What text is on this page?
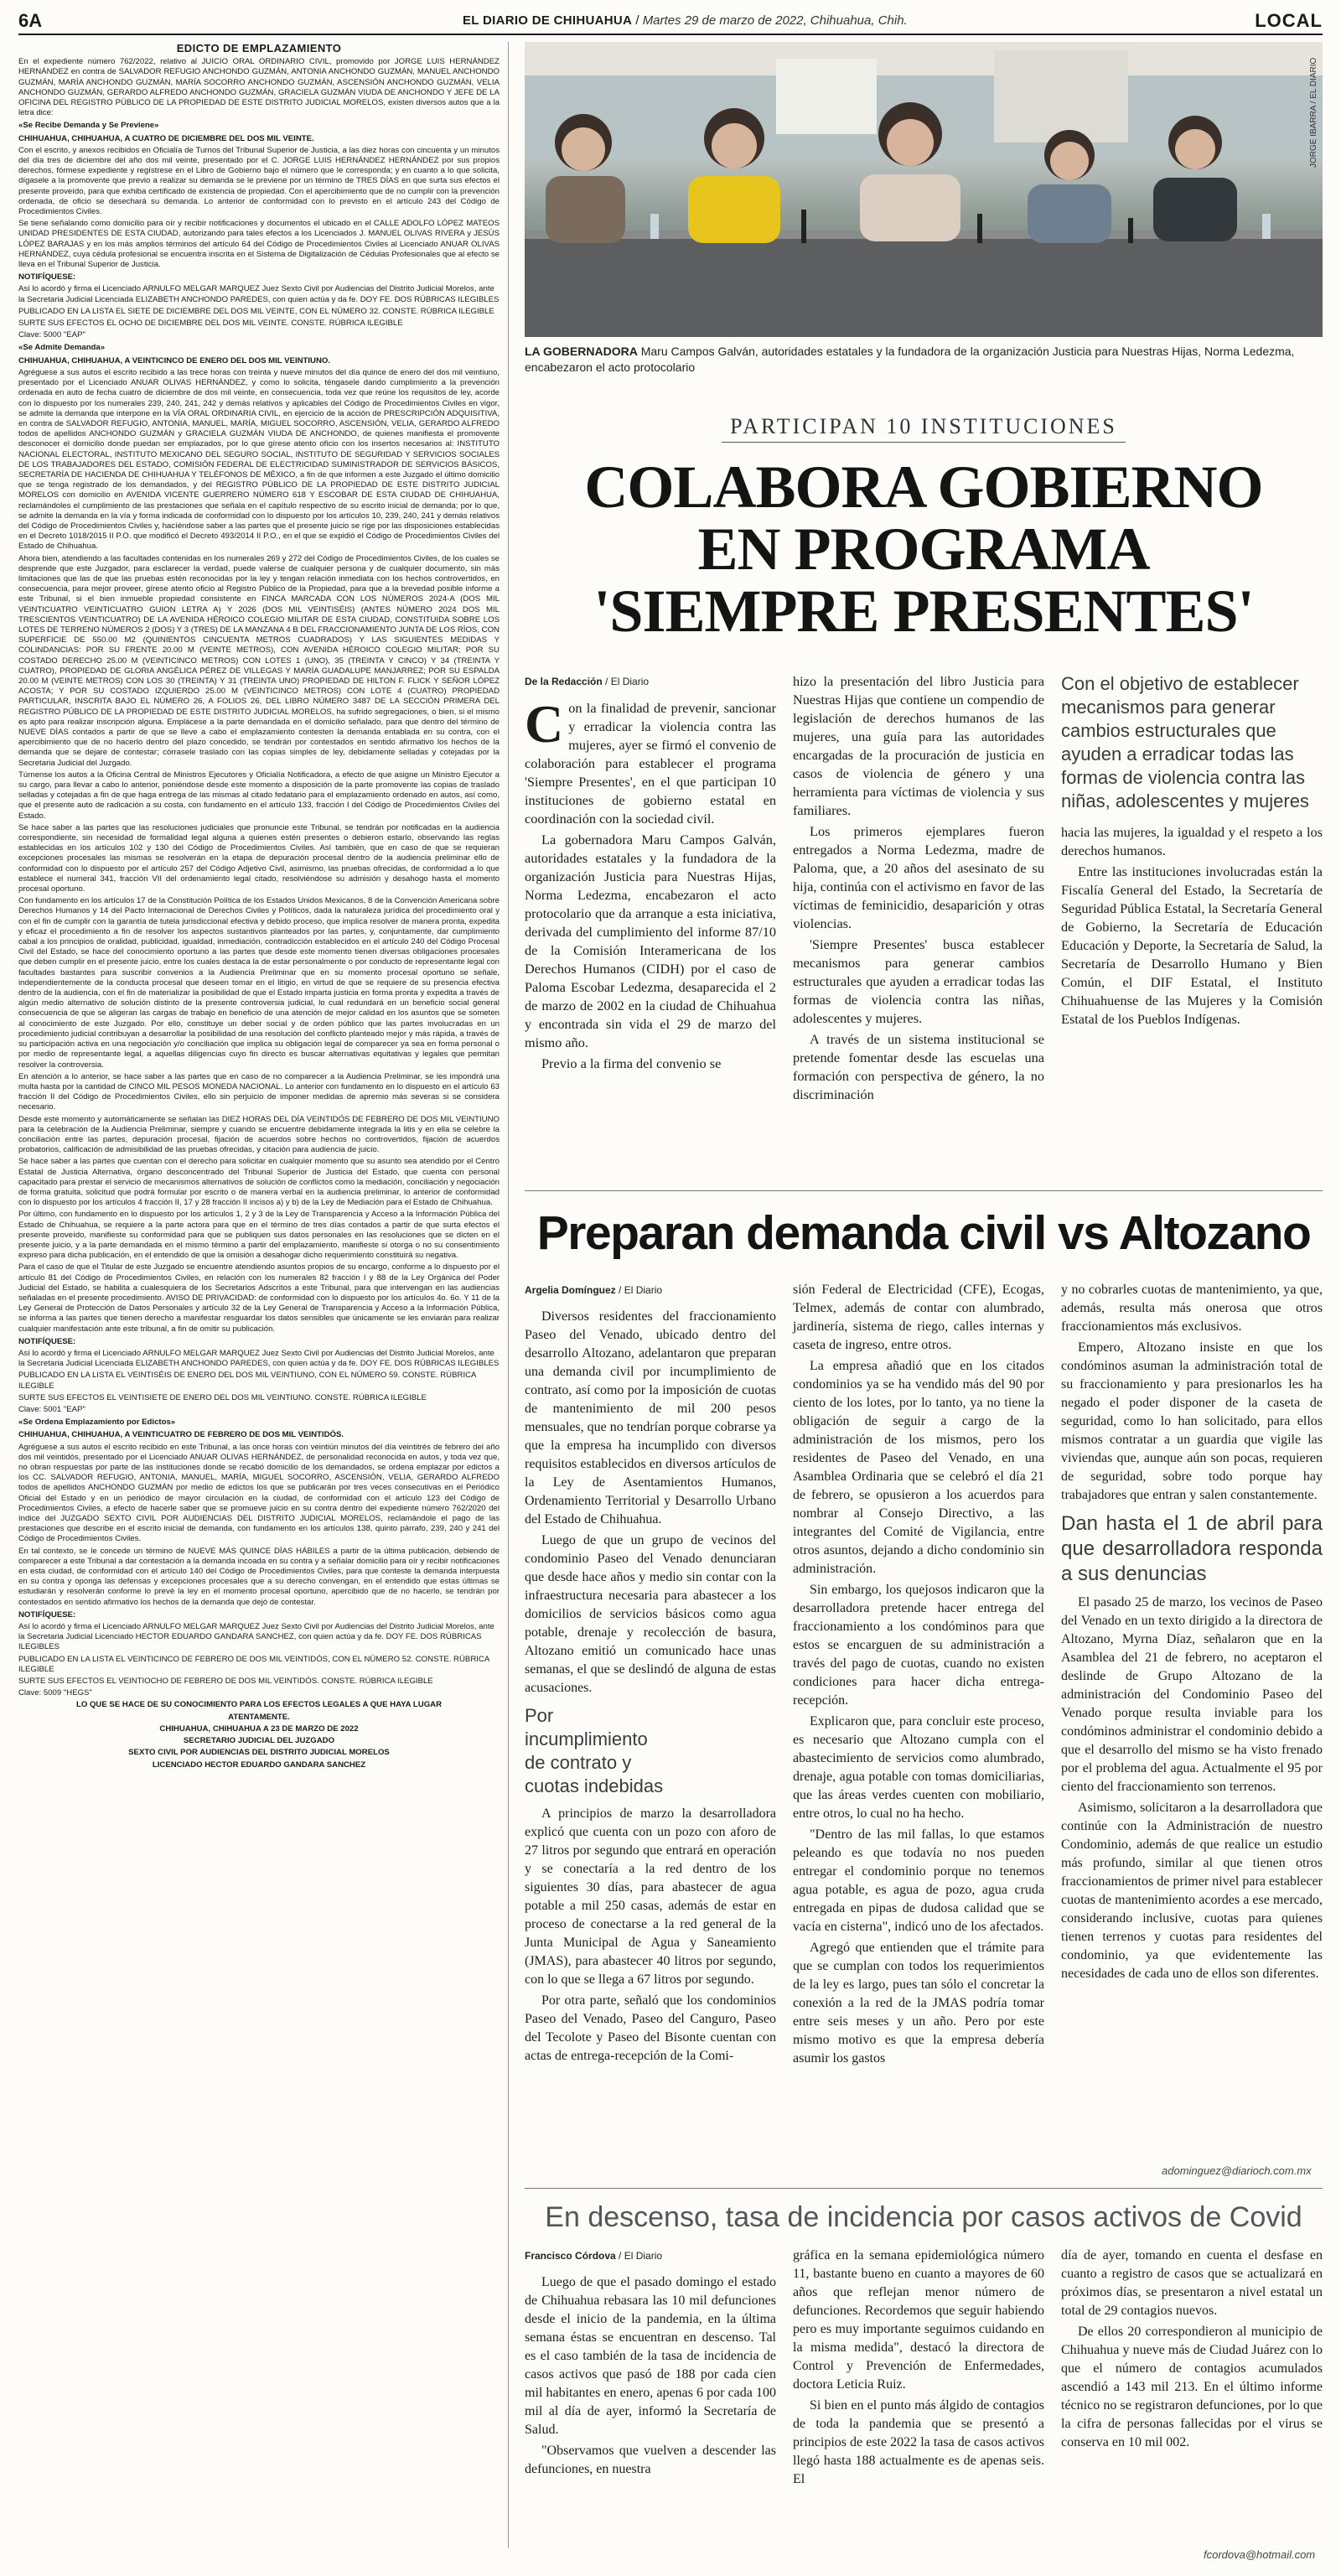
6A	EL DIARIO DE CHIHUAHUA / Martes 29 de marzo de 2022, Chihuahua, Chih.	LOCAL
EDICTO DE EMPLAZAMIENTO

En el expediente número 762/2022, relativo al JUICIO ORAL ORDINARIO CIVIL, promovido por JORGE LUIS HERNÁNDEZ HERNÁNDEZ en contra de SALVADOR REFUGIO ANCHONDO GUZMÁN, ANTONIA ANCHONDO GUZMÁN, MANUEL ANCHONDO GUZMÁN, MARÍA ANCHONDO GUZMÁN, MARÍA SOCORRO ANCHONDO GUZMÁN, ASCENSIÓN ANCHONDO GUZMÁN, VELIA ANCHONDO GUZMÁN, GERARDO ALFREDO ANCHONDO GUZMÁN, GRACIELA GUZMÁN VIUDA DE ANCHONDO Y JEFE DE LA OFICINA DEL REGISTRO PÚBLICO DE LA PROPIEDAD DE ESTE DISTRITO JUDICIAL MORELOS, existen diversos autos que a la letra dice:

«Se Recibe Demanda y Se Previene»

CHIHUAHUA, CHIHUAHUA, A CUATRO DE DICIEMBRE DEL DOS MIL VEINTE.

Con el escrito, y anexos recibidos en Oficialía de Turnos del Tribunal Superior de Justicia, a las diez horas con cincuenta y un minutos del día tres de diciembre del año dos mil veinte, presentado por el C. JORGE LUIS HERNÁNDEZ HERNÁNDEZ por sus propios derechos, fórmese expediente y regístrese en el Libro de Gobierno bajo el número que le corresponda; y en cuanto a lo que solicita, dígasele a la promovente que previo a realizar su demanda se le previene por un término de TRES DÍAS en que surta sus efectos el presente proveído, para que exhiba certificado de existencia de propiedad. Con el apercibimiento que de no cumplir con la prevención ordenada, de oficio se desechará su demanda. Lo anterior de conformidad con lo previsto en el artículo 243 del Código de Procedimientos Civiles.

Se tiene señalando como domicilio para oír y recibir notificaciones y documentos el ubicado en el CALLE ADOLFO LÓPEZ MATEOS UNIDAD PRESIDENTES DE ESTA CIUDAD, autorizando para tales efectos a los Licenciados J. MANUEL OLIVAS RIVERA y JESÚS LÓPEZ BARAJAS y en los más amplios términos del artículo 64 del Código de Procedimientos Civiles al Licenciado ANUAR OLIVAS HERNÁNDEZ, cuya cédula profesional se encuentra inscrita en el Sistema de Digitalización de Cédulas Profesionales que al efecto se lleva en el Tribunal Superior de Justicia.

NOTIFÍQUESE:

Así lo acordó y firma el Licenciado ARNULFO MELGAR MARQUEZ Juez Sexto Civil por Audiencias del Distrito Judicial Morelos, ante la Secretaria Judicial Licenciada ELIZABETH ANCHONDO PAREDES, con quien actúa y da fe. DOY FE. DOS RÚBRICAS ILEGIBLES

PUBLICADO EN LA LISTA EL SIETE DE DICIEMBRE DEL DOS MIL VEINTE, CON EL NÚMERO 32. CONSTE. RÚBRICA ILEGIBLE

SURTE SUS EFECTOS EL OCHO DE DICIEMBRE DEL DOS MIL VEINTE. CONSTE. RÚBRICA ILEGIBLE

Clave: 5000 "EAP"

«Se Admite Demanda»

CHIHUAHUA, CHIHUAHUA, A VEINTICINCO DE ENERO DEL DOS MIL VEINTIUNO.

Agréguese a sus autos el escrito recibido a las trece horas con treinta y nueve minutos del día quince de enero del dos mil veintiuno, presentado por el Licenciado ANUAR OLIVAS HERNÁNDEZ, y como lo solicita, téngasele dando cumplimiento a la prevención ordenada en auto de fecha cuatro de diciembre de dos mil veinte, en consecuencia, toda vez que reúne los requisitos de ley, acorde con lo dispuesto por los numerales 239, 240, 241, 242 y demás relativos y aplicables del Código de Procedimientos Civiles en vigor, se admite la demanda que interpone en la VÍA ORAL ORDINARIA CIVIL, en ejercicio de la acción de PRESCRIPCIÓN ADQUISITIVA, en contra de SALVADOR REFUGIO, ANTONIA, MANUEL, MARÍA, MIGUEL SOCORRO, ASCENSIÓN, VELIA, GERARDO ALFREDO todos de apellidos ANCHONDO GUZMÁN y GRACIELA GUZMÁN VIUDA DE ANCHONDO, de quienes manifiesta el promovente desconocer el domicilio donde puedan ser emplazados, por lo que gírese atento oficio con los insertos necesarios al: INSTITUTO NACIONAL ELECTORAL, INSTITUTO MEXICANO DEL SEGURO SOCIAL, INSTITUTO DE SEGURIDAD Y SERVICIOS SOCIALES DE LOS TRABAJADORES DEL ESTADO, COMISIÓN FEDERAL DE ELECTRICIDAD SUMINISTRADOR DE SERVICIOS BÁSICOS, SECRETARÍA DE HACIENDA DE CHIHUAHUA Y TELÉFONOS DE MÉXICO, a fin de que informen a este Juzgado el último domicilio que se tenga registrado de los demandados, y del REGISTRO PÚBLICO DE LA PROPIEDAD DE ESTE DISTRITO JUDICIAL MORELOS con domicilio en AVENIDA VICENTE GUERRERO NÚMERO 618 Y ESCOBAR DE ESTA CIUDAD DE CHIHUAHUA, reclamándoles el cumplimiento de las prestaciones que señala en el capítulo respectivo de su escrito inicial de demanda; por lo que, se admite la demanda en la vía y forma indicada de conformidad con lo dispuesto por los artículos 10, 239, 240, 241 y demás relativos del Código de Procedimientos Civiles y, hacíéndose saber a las partes que el presente juicio se rige por las disposiciones establecidas en el Decreto 1018/2015 II P.O. que modificó el Decreto 493/2014 II P.O., en el que se expidió el Código de Procedimientos Civiles del Estado de Chihuahua.

Ahora bien, atendiendo a las facultades contenidas en los numerales 269 y 272 del Código de Procedimientos Civiles, de los cuales se desprende que este Juzgador, para esclarecer la verdad, puede valerse de cualquier persona y de cualquier documento, sin más limitaciones que las de que las pruebas estén reconocidas por la ley y tengan relación inmediata con los hechos controvertidos, en consecuencia, para mejor proveer, gírese atento oficio al Registro Público de la Propiedad, para que a la brevedad posible informe a este Tribunal, si el bien inmueble propiedad consistente en FINCA MARCADA CON LOS NÚMEROS 2024-A (DOS MIL VEINTICUATRO VEINTICUATRO GUION LETRA A) Y 2026 (DOS MIL VEINTISÉIS) (ANTES NÚMERO 2024 DOS MIL TRESCIENTOS VEINTICUATRO) DE LA AVENIDA HÉROICO COLEGIO MILITAR DE ESTA CIUDAD, CONSTITUIDA SOBRE LOS LOTES DE TERRENO NÚMEROS 2 (DOS) Y 3 (TRES) DE LA MANZANA 4 B DEL FRACCIONAMIENTO JUNTA DE LOS RÍOS, CON SUPERFICIE DE 550.00 M2 (QUINIENTOS CINCUENTA METROS CUADRADOS) Y LAS SIGUIENTES MEDIDAS Y COLINDANCIAS: POR SU FRENTE 20.00 M (VEINTE METROS), CON AVENIDA HÉROICO COLEGIO MILITAR; POR SU COSTADO DERECHO 25.00 M (VEINTICINCO METROS) CON LOTES 1 (UNO), 35 (TREINTA Y CINCO) Y 34 (TREINTA Y CUATRO), PROPIEDAD DE GLORIA ANGÉLICA PÉREZ DE VILLEGAS Y MARÍA GUADALUPE MANJARREZ; POR SU ESPALDA 20.00 M (VEINTE METROS) CON LOS 30 (TREINTA) Y 31 (TREINTA UNO) PROPIEDAD DE HILTON F. FLICK Y SEÑOR LÓPEZ ACOSTA; Y POR SU COSTADO IZQUIERDO 25.00 M (VEINTICINCO METROS) CON LOTE 4 (CUATRO) PROPIEDAD PARTICULAR, INSCRITA BAJO EL NÚMERO 26, A FOLIOS 26, DEL LIBRO NÚMERO 3487 DE LA SECCIÓN PRIMERA DEL REGISTRO PÚBLICO DE LA PROPIEDAD DE ESTE DISTRITO JUDICIAL MORELOS, ha sufrido segregaciones, o bien, si el mismo es apto para realizar inscripción alguna. Emplácese a la parte demandada en el domicilio señalado, para que dentro del término de NUEVE DÍAS contados a partir de que se lleve a cabo el emplazamiento contesten la demanda entablada en su contra, con el apercibimiento que de no hacerlo dentro del plazo concedido, se tendrán por contestados en sentido afirmativo los hechos de la demanda que se dejare de contestar; córrasele traslado con las copias simples de ley, debidamente selladas y cotejadas por la Secretaria Judicial del Juzgado.

Túrnense los autos a la Oficina Central de Ministros Ejecutores y Oficialía Notificadora, a efecto de que asigne un Ministro Ejecutor a su cargo, para llevar a cabo lo anterior, poniéndose desde este momento a disposición de la parte promovente las copias de traslado selladas y cotejadas a fin de que haga entrega de las mismas al citado fedatario para el emplazamiento ordenado en autos, así como, que el presente auto de radicación a su costa, con fundamento en el artículo 133, fracción I del Código de Procedimientos Civiles del Estado.

Se hace saber a las partes que las resoluciones judiciales que pronuncie este Tribunal, se tendrán por notificadas en la audiencia correspondiente, sin necesidad de formalidad legal alguna a quienes estén presentes o debieron estarlo, observando las reglas establecidas en los artículos 102 y 130 del Código de Procedimientos Civiles. Así también, que en caso de que se requieran excepciones procesales las mismas se resolverán en la etapa de depuración procesal dentro de la audiencia preliminar ello de conformidad con lo dispuesto por el artículo 257 del Código Adjetivo Civil, asimismo, las pruebas ofrecidas, de conformidad a lo que establece el numeral 341, fracción VII del ordenamiento legal citado, resolviéndose su admisión y desahogo hasta el momento procesal oportuno.

Con fundamento en los artículos 17 de la Constitución Política de los Estados Unidos Mexicanos, 8 de la Convención Americana sobre Derechos Humanos y 14 del Pacto Internacional de Derechos Civiles y Políticos, dada la naturaleza jurídica del procedimiento oral y con el fin de cumplir con la garantía de tutela jurisdiccional efectiva y debido proceso, que implica resolver de manera pronta, expedita y eficaz el procedimiento a fin de resolver los aspectos sustantivos planteados por las partes, y, conjuntamente, dar cumplimiento cabal a los principios de oralidad, publicidad, igualdad, inmediación, contradicción establecidos en el artículo 240 del Código Procesal Civil del Estado, se hace del conocimiento oportuno a las partes que desde este momento tienen diversas obligaciones procesales que deben cumplir en el presente juicio, entre los cuales destaca la de estar personalmente o por conducto de representante legal con facultades bastantes para suscribir convenios a la Audiencia Preliminar que en su momento procesal oportuno se señale, independientemente de la conducta procesal que deseen tomar en el litigio, en virtud de que se requiere de su presencia efectiva dentro de la audiencia, con el fin de materializar la posibilidad de que el Estado imparta justicia en forma pronta y expedita a través de algún medio alternativo de solución distinto de la presente controversia judicial, lo cual redundará en un beneficio social general consecuencia de que se aligeran las cargas de trabajo en beneficio de una atención de mejor calidad en los asuntos que se someten al conocimiento de este Juzgado. Por ello, constituye un deber social y de orden público que las partes involucradas en un procedimiento judicial contribuyan a desarrollar la posibilidad de una resolución del conflicto planteado mejor y más rápida, a través de su participación activa en una negociación y/o conciliación que implica su obligación legal de comparecer ya sea en forma personal o por medio de representante legal, a aquellas diligencias cuyo fin directo es buscar alternativas equitativas y legales que permitan resolver la controversia.

En atención a lo anterior, se hace saber a las partes que en caso de no comparecer a la Audiencia Preliminar, se les impondrá una multa hasta por la cantidad de CINCO MIL PESOS MONEDA NACIONAL. Lo anterior con fundamento en lo dispuesto en el artículo 63 fracción II del Código de Procedimientos Civiles, ello sin perjuicio de imponer medidas de apremio más severas si se considera necesario.

Desde este momento y automáticamente se señalan las DIEZ HORAS DEL DÍA VEINTIDÓS DE FEBRERO DE DOS MIL VEINTIUNO para la celebración de la Audiencia Preliminar, siempre y cuando se encuentre debidamente integrada la litis y en ella se celebre la conciliación entre las partes, depuración procesal, fijación de acuerdos sobre hechos no controvertidos, fijación de acuerdos probatorios, calificación de admisibilidad de las pruebas ofrecidas, y citación para audiencia de juicio.

Se hace saber a las partes que cuentan con el derecho para solicitar en cualquier momento que su asunto sea atendido por el Centro Estatal de Justicia Alternativa, órgano desconcentrado del Tribunal Superior de Justicia del Estado, que cuenta con personal capacitado para prestar el servicio de mecanismos alternativos de solución de conflictos como la mediación, conciliación y negociación de forma gratuita, solicitud que podrá formular por escrito o de manera verbal en la audiencia preliminar, lo anterior de conformidad con lo dispuesto por los artículos 4 fracción II, 17 y 28 fracción II incisos a) y b) de la Ley de Mediación para el Estado de Chihuahua.

Por último, con fundamento en lo dispuesto por los artículos 1, 2 y 3 de la Ley de Transparencia y Acceso a la Información Pública del Estado de Chihuahua, se requiere a la parte actora para que en el término de tres días contados a partir de que surta efectos el presente proveído, manifieste su conformidad para que se publiquen sus datos personales en las resoluciones que se dicten en el presente juicio, y a la parte demandada en el mismo término a partir del emplazamiento, manifieste si otorga o no su consentimiento expreso para dicha publicación, en el entendido de que la omisión a desahogar dicho requerimiento constituirá su negativa.

Para el caso de que el Titular de este Juzgado se encuentre atendiendo asuntos propios de su encargo, conforme a lo dispuesto por el artículo 81 del Código de Procedimientos Civiles, en relación con los numerales 82 fracción I y 88 de la Ley Orgánica del Poder Judicial del Estado, se habilita a cualesquiera de los Secretarios Adscritos a este Tribunal, para que intervengan en las audiencias señaladas en el presente procedimiento. AVISO DE PRIVACIDAD: de conformidad con lo dispuesto por los artículos 4o. 6o. Y 11 de la Ley General de Protección de Datos Personales y artículo 32 de la Ley General de Transparencia y Acceso a la Información Pública, se informa a las partes que tienen derecho a manifestar resguardar los datos sensibles que únicamente se les enviarán para realizar cualquier manifestación ante este tribunal, a fin de omitir su publicación.

NOTIFÍQUESE:

Así lo acordó y firma el Licenciado ARNULFO MELGAR MARQUEZ Juez Sexto Civil por Audiencias del Distrito Judicial Morelos, ante la Secretaria Judicial Licenciada ELIZABETH ANCHONDO PAREDES, con quien actúa y da fe. DOY FE. DOS RÚBRICAS ILEGIBLES

PUBLICADO EN LA LISTA EL VEINTISÉIS DE ENERO DEL DOS MIL VEINTIUNO, CON EL NÚMERO 59. CONSTE. RÚBRICA ILEGIBLE

SURTE SUS EFECTOS EL VEINTISIETE DE ENERO DEL DOS MIL VEINTIUNO. CONSTE. RÚBRICA ILEGIBLE

Clave: 5001 "EAP"

«Se Ordena Emplazamiento por Edictos»

CHIHUAHUA, CHIHUAHUA, A VEINTICUATRO DE FEBRERO DE DOS MIL VEINTIDÓS.

Agréguese a sus autos el escrito recibido en este Tribunal, a las once horas con veintiún minutos del día veintitrés de febrero del año dos mil veintidós, presentado por el Licenciado ANUAR OLIVAS HERNÁNDEZ, de personalidad reconocida en autos, y toda vez que, no obran respuestas por parte de las instituciones donde se recabó domicilio de los demandados, se ordena emplazar por edictos a los CC. SALVADOR REFUGIO, ANTONIA, MANUEL, MARÍA, MIGUEL SOCORRO, ASCENSIÓN, VELIA, GERARDO ALFREDO todos de apellidos ANCHONDO GUZMÁN por medio de edictos los que se publicarán por tres veces consecutivas en el Periódico Oficial del Estado y en un periódico de mayor circulación en la ciudad, de conformidad con el artículo 123 del Código de Procedimientos Civiles, a efecto de hacerle saber que se promueve juicio en su contra dentro del expediente número 762/2020 del índice del JUZGADO SEXTO CIVIL POR AUDIENCIAS DEL DISTRITO JUDICIAL MORELOS, reclamándole el pago de las prestaciones que describe en el escrito inicial de demanda, con fundamento en los artículos 138, quinto párrafo, 239, 240 y 241 del Código de Procedimientos Civiles.

En tal contexto, se le concede un término de NUEVE MÁS QUINCE DÍAS HÁBILES a partir de la última publicación, debiendo de comparecer a este Tribunal a dar contestación a la demanda incoada en su contra y a señalar domicilio para oír y recibir notificaciones en esta ciudad, de conformidad con el artículo 140 del Código de Procedimientos Civiles, para que conteste la demanda interpuesta en su contra y oponga las defensas y excepciones procesales que a su derecho convengan, en el entendido que estas últimas se estudiarán y resolverán conforme lo prevé la ley en el momento procesal oportuno, apercibido que de no hacerlo, se tendrán por contestados en sentido afirmativo los hechos de la demanda que dejó de contestar.

NOTIFÍQUESE:

Así lo acordó y firma el Licenciado ARNULFO MELGAR MARQUEZ Juez Sexto Civil por Audiencias del Distrito Judicial Morelos, ante la Secretaria Judicial Licenciado HECTOR EDUARDO GANDARA SANCHEZ, con quien actúa y da fe. DOY FE. DOS RÚBRICAS ILEGIBLES

PUBLICADO EN LA LISTA EL VEINTICINCO DE FEBRERO DE DOS MIL VEINTIDÓS, CON EL NÚMERO 52. CONSTE. RÚBRICA ILEGIBLE

SURTE SUS EFECTOS EL VEINTIOCHO DE FEBRERO DE DOS MIL VEINTIDÓS. CONSTE. RÚBRICA ILEGIBLE

Clave: 5009 "HEGS"

LO QUE SE HACE DE SU CONOCIMIENTO PARA LOS EFECTOS LEGALES A QUE HAYA LUGAR

ATENTAMENTE.

CHIHUAHUA, CHIHUAHUA A 23 DE MARZO DE 2022

SECRETARIO JUDICIAL DEL JUZGADO

SEXTO CIVIL POR AUDIENCIAS DEL DISTRITO JUDICIAL MORELOS

LICENCIADO HECTOR EDUARDO GANDARA SANCHEZ

JORGE IBARRA / EL DIARIO
LA GOBERNADORA Maru Campos Galván, autoridades estatales y la fundadora de la organización Justicia para Nuestras Hijas, Norma Ledezma, encabezaron el acto protocolario
PARTICIPAN 10 INSTITUCIONES
COLABORA GOBIERNO
EN PROGRAMA
'SIEMPRE PRESENTES'
De la Redacción / El Diario

Con la finalidad de prevenir, sancionar y erradicar la violencia contra las mujeres, ayer se firmó el convenio de colaboración para establecer el programa 'Siempre Presentes', en el que participan 10 instituciones de gobierno estatal en coordinación con la sociedad civil.

La gobernadora Maru Campos Galván, autoridades estatales y la fundadora de la organización Justicia para Nuestras Hijas, Norma Ledezma, encabezaron el acto protocolario que da arranque a esta iniciativa, derivada del cumplimiento del informe 87/10 de la Comisión Interamericana de los Derechos Humanos (CIDH) por el caso de Paloma Escobar Ledezma, desaparecida el 2 de marzo de 2002 en la ciudad de Chihuahua y encontrada sin vida el 29 de marzo del mismo año.

Previo a la firma del convenio se

hizo la presentación del libro Justicia para Nuestras Hijas que contiene un compendio de legislación de derechos humanos de las mujeres, una guía para las autoridades encargadas de la procuración de justicia en casos de violencia de género y una herramienta para víctimas de violencia y sus familiares.

Los primeros ejemplares fueron entregados a Norma Ledezma, madre de Paloma, que, a 20 años del asesinato de su hija, continúa con el activismo en favor de las víctimas de feminicidio, desaparición y otras violencias.

'Siempre Presentes' busca establecer mecanismos para generar cambios estructurales que ayuden a erradicar todas las formas de violencia contra las niñas, adolescentes y mujeres.

A través de un sistema institucional se pretende fomentar desde las escuelas una formación con perspectiva de género, la no discriminación

Con el objetivo de establecer mecanismos para generar cambios estructurales que ayuden a erradicar todas las formas de violencia contra las niñas, adolescentes y mujeres

hacia las mujeres, la igualdad y el respeto a los derechos humanos.

Entre las instituciones involucradas están la Fiscalía General del Estado, la Secretaría de Seguridad Pública Estatal, la Secretaría General de Gobierno, la Secretaría de Educación Educación y Deporte, la Secretaría de Salud, la Secretaría de Desarrollo Humano y Bien Común, el DIF Estatal, el Instituto Chihuahuense de las Mujeres y la Comisión Estatal de los Pueblos Indígenas.

Preparan demanda civil vs Altozano
Argelia Domínguez / El Diario

Diversos residentes del fraccionamiento Paseo del Venado, ubicado dentro del desarrollo Altozano, adelantaron que preparan una demanda civil por incumplimiento de contrato, así como por la imposición de cuotas de mantenimiento de mil 200 pesos mensuales, que no tendrían porque cobrarse ya que la empresa ha incumplido con diversos requisitos establecidos en diversos artículos de la Ley de Asentamientos Humanos, Ordenamiento Territorial y Desarrollo Urbano del Estado de Chihuahua.

Luego de que un grupo de vecinos del condominio Paseo del Venado denunciaran que desde hace años y medio sin contar con la infraestructura necesaria para abastecer a los domicilios de servicios básicos como agua potable, drenaje y recolección de basura, Altozano emitió un comunicado hace unas semanas, el que se deslindó de alguna de estas acusaciones.

Por incumplimiento de contrato y cuotas indebidas

A principios de marzo la desarrolladora explicó que cuenta con un pozo con aforo de 27 litros por segundo que entrará en operación y se conectaría a la red dentro de los siguientes 30 días, para abastecer de agua potable a mil 250 casas, además de estar en proceso de conectarse a la red general de la Junta Municipal de Agua y Saneamiento (JMAS), para abastecer 40 litros por segundo, con lo que se llega a 67 litros por segundo.

Por otra parte, señaló que los condominios Paseo del Venado, Paseo del Canguro, Paseo del Tecolote y Paseo del Bisonte cuentan con actas de entrega-recepción de la Comi-

sión Federal de Electricidad (CFE), Ecogas, Telmex, además de contar con alumbrado, jardinería, sistema de riego, calles internas y caseta de ingreso, entre otros.

La empresa añadió que en los citados condominios ya se ha vendido más del 90 por ciento de los lotes, por lo tanto, ya no tiene la obligación de seguir a cargo de la administración de los mismos, pero los residentes de Paseo del Venado, en una Asamblea Ordinaria que se celebró el día 21 de febrero, se opusieron a los acuerdos para nombrar al Consejo Directivo, a las integrantes del Comité de Vigilancia, entre otros asuntos, dejando a dicho condominio sin administración.

Sin embargo, los quejosos indicaron que la desarrolladora pretende hacer entrega del fraccionamiento a los condóminos para que estos se encarguen de su administración a través del pago de cuotas, cuando no existen condiciones para hacer dicha entrega-recepción.

Explicaron que, para concluir este proceso, es necesario que Altozano cumpla con el abastecimiento de servicios como alumbrado, drenaje, agua potable con tomas domiciliarias, que las áreas verdes cuenten con mobiliario, entre otros, lo cual no ha hecho.

"Dentro de las mil fallas, lo que estamos peleando es que todavía no nos pueden entregar el condominio porque no tenemos agua potable, es agua de pozo, agua cruda entregada en pipas de dudosa calidad que se vacía en cisterna", indicó uno de los afectados.

Agregó que entienden que el trámite para que se cumplan con todos los requerimientos de la ley es largo, pues tan sólo el concretar la conexión a la red de la JMAS podría tomar entre seis meses y un año. Pero por este mismo motivo es que la empresa debería asumir los gastos

y no cobrarles cuotas de mantenimiento, ya que, además, resulta más onerosa que otros fraccionamientos más exclusivos.

Empero, Altozano insiste en que los condóminos asuman la administración total de su fraccionamiento y para presionarlos les ha negado el poder disponer de la caseta de seguridad, como lo han solicitado, para ellos mismos contratar a un guardia que vigile las viviendas que, aunque aún son pocas, requieren de seguridad, sobre todo porque hay trabajadores que entran y salen constantemente.

Dan hasta el 1 de abril para que desarrolladora responda a sus denuncias

El pasado 25 de marzo, los vecinos de Paseo del Venado en un texto dirigido a la directora de Altozano, Myrna Díaz, señalaron que en la Asamblea del 21 de febrero, no aceptaron el deslinde de Grupo Altozano de la administración del Condominio Paseo del Venado porque resulta inviable para los condóminos administrar el condominio debido a que el desarrollo del mismo se ha visto frenado por el problema del agua. Actualmente el 95 por ciento del fraccionamiento son terrenos.

Asimismo, solicitaron a la desarrolladora que continúe con la Administración de nuestro Condominio, además de que realice un estudio más profundo, similar al que tienen otros fraccionamientos de primer nivel para establecer cuotas de mantenimiento acordes a ese mercado, considerando inclusive, cuotas para quienes tienen terrenos y cuotas para residentes del condominio, ya que evidentemente las necesidades de cada uno de ellos son diferentes.

adominguez@diarioch.com.mx
En descenso, tasa de incidencia por casos activos de Covid
Francisco Córdova / El Diario

Luego de que el pasado domingo el estado de Chihuahua rebasara las 10 mil defunciones desde el inicio de la pandemia, en la última semana éstas se encuentran en descenso. Tal es el caso también de la tasa de incidencia de casos activos que pasó de 188 por cada cien mil habitantes en enero, apenas 6 por cada 100 mil al día de ayer, informó la Secretaría de Salud.

"Observamos que vuelven a descender las defunciones, en nuestra

gráfica en la semana epidemiológica número 11, bastante bueno en cuanto a mayores de 60 años que reflejan menor número de defunciones. Recordemos que seguir habiendo pero es muy importante seguimos cuidando en la misma medida", destacó la directora de Control y Prevención de Enfermedades, doctora Leticia Ruiz.

Si bien en el punto más álgido de contagios de toda la pandemia que se presentó a principios de este 2022 la tasa de casos activos llegó hasta 188 actualmente es de apenas seis. El

día de ayer, tomando en cuenta el desfase en cuanto a registro de casos que se actualizará en próximos días, se presentaron a nivel estatal un total de 29 contagios nuevos.

De ellos 20 correspondieron al municipio de Chihuahua y nueve más de Ciudad Juárez con lo que el número de contagios acumulados ascendió a 143 mil 213. En el último informe técnico no se registraron defunciones, por lo que la cifra de personas fallecidas por el virus se conserva en 10 mil 002.

fcordova@hotmail.com
